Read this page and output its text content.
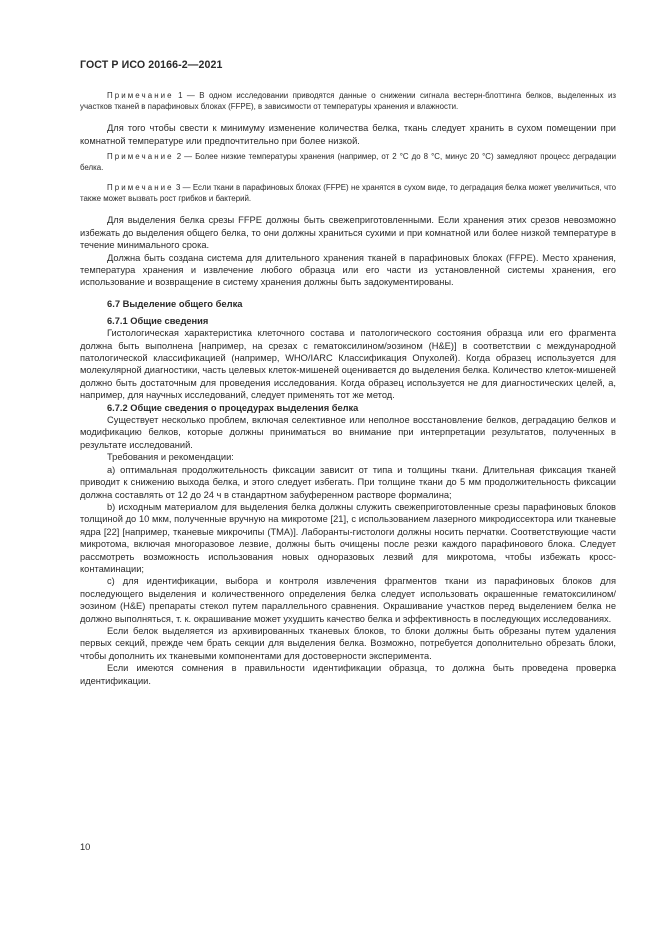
ГОСТ Р ИСО 20166-2—2021

Примечание 1 — В одном исследовании приводятся данные о снижении сигнала вестерн-блоттинга белков, выделенных из участков тканей в парафиновых блоках (FFPE), в зависимости от температуры хранения и влажности.

Для того чтобы свести к минимуму изменение количества белка, ткань следует хранить в сухом помещении при комнатной температуре или предпочтительно при более низкой.

Примечание 2 — Более низкие температуры хранения (например, от 2 °С до 8 °С, минус 20 °С) замедляют процесс деградации белка.

Примечание 3 — Если ткани в парафиновых блоках (FFPE) не хранятся в сухом виде, то деградация белка может увеличиться, что также может вызвать рост грибков и бактерий.

Для выделения белка срезы FFPE должны быть свежеприготовленными. Если хранения этих срезов невозможно избежать до выделения общего белка, то они должны храниться сухими и при комнатной или более низкой температуре в течение минимального срока.

Должна быть создана система для длительного хранения тканей в парафиновых блоках (FFPE). Место хранения, температура хранения и извлечение любого образца или его части из установленной системы хранения, его использование и возвращение в систему хранения должны быть задокументированы.

6.7 Выделение общего белка
6.7.1 Общие сведения

Гистологическая характеристика клеточного состава и патологического состояния образца или его фрагмента должна быть выполнена [например, на срезах с гематоксилином/эозином (H&E)] в соответствии с международной патологической классификацией (например, WHO/IARC Классификация Опухолей). Когда образец используется для молекулярной диагностики, часть целевых клеток-мишеней оценивается до выделения белка. Количество клеток-мишеней должно быть достаточным для проведения исследования. Когда образец используется не для диагностических целей, а, например, для научных исследований, следует применять тот же метод.

6.7.2 Общие сведения о процедурах выделения белка

Существует несколько проблем, включая селективное или неполное восстановление белков, деградацию белков и модификацию белков, которые должны приниматься во внимание при интерпретации результатов, полученных в результате исследований.

Требования и рекомендации:

a) оптимальная продолжительность фиксации зависит от типа и толщины ткани. Длительная фиксация тканей приводит к снижению выхода белка, и этого следует избегать. При толщине ткани до 5 мм продолжительность фиксации должна составлять от 12 до 24 ч в стандартном забуференном растворе формалина;

b) исходным материалом для выделения белка должны служить свежеприготовленные срезы парафиновых блоков толщиной до 10 мкм, полученные вручную на микротоме [21], с использованием лазерного микродиссектора или тканевые ядра [22] [например, тканевые микрочипы (TMA)]. Лаборанты-гистологи должны носить перчатки. Соответствующие части микротома, включая многоразовое лезвие, должны быть очищены после резки каждого парафинового блока. Следует рассмотреть возможность использования новых одноразовых лезвий для микротома, чтобы избежать кросс-контаминации;

c) для идентификации, выбора и контроля извлечения фрагментов ткани из парафиновых блоков для последующего выделения и количественного определения белка следует использовать окрашенные гематоксилином/эозином (H&E) препараты стекол путем параллельного сравнения. Окрашивание участков перед выделением белка не должно выполняться, т. к. окрашивание может ухудшить качество белка и эффективность в последующих исследованиях.

Если белок выделяется из архивированных тканевых блоков, то блоки должны быть обрезаны путем удаления первых секций, прежде чем брать секции для выделения белка. Возможно, потребуется дополнительно обрезать блоки, чтобы дополнить их тканевыми компонентами для достоверности эксперимента.

Если имеются сомнения в правильности идентификации образца, то должна быть проведена проверка идентификации.

10
